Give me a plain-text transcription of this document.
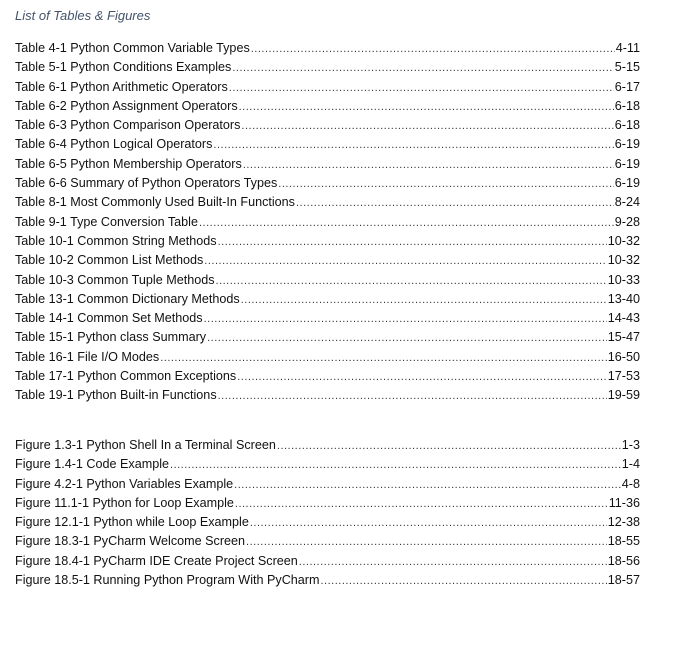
List of Tables & Figures
Table 4-1 Python Common Variable Types .....	4-11
Table 5-1 Python Conditions Examples .....	5-15
Table 6-1 Python Arithmetic Operators .....	6-17
Table 6-2 Python Assignment Operators .....	6-18
Table 6-3 Python Comparison Operators .....	6-18
Table 6-4 Python Logical Operators .....	6-19
Table 6-5 Python Membership Operators .....	6-19
Table 6-6 Summary of Python Operators Types .....	6-19
Table 8-1 Most Commonly Used Built-In Functions .....	8-24
Table 9-1 Type Conversion Table .....	9-28
Table 10-1 Common String Methods .....	10-32
Table 10-2 Common List Methods .....	10-32
Table 10-3 Common Tuple Methods .....	10-33
Table 13-1 Common Dictionary Methods .....	13-40
Table 14-1 Common Set Methods .....	14-43
Table 15-1 Python class Summary .....	15-47
Table 16-1 File I/O Modes .....	16-50
Table 17-1 Python Common Exceptions .....	17-53
Table 19-1 Python Built-in Functions .....	19-59
Figure 1.3-1 Python Shell In a Terminal Screen .....	1-3
Figure 1.4-1 Code Example .....	1-4
Figure 4.2-1 Python Variables Example .....	4-8
Figure 11.1-1 Python for Loop Example .....	11-36
Figure 12.1-1 Python while Loop Example .....	12-38
Figure 18.3-1 PyCharm Welcome Screen .....	18-55
Figure 18.4-1 PyCharm IDE Create Project Screen .....	18-56
Figure 18.5-1 Running Python Program With PyCharm .....	18-57
